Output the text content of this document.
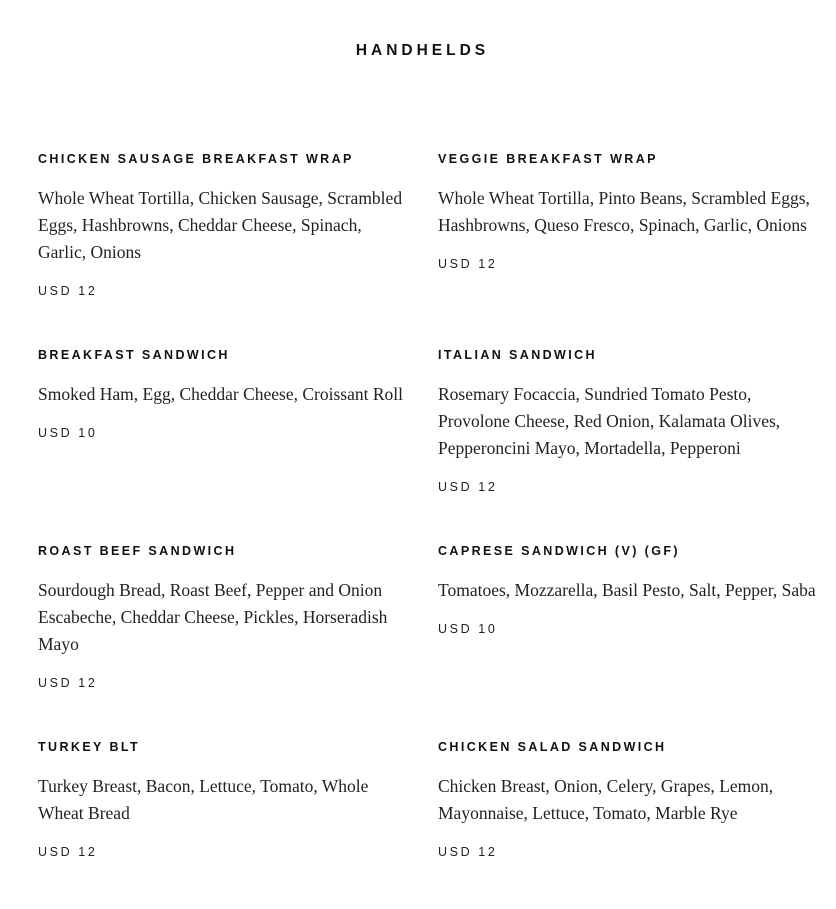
HANDHELDS
CHICKEN SAUSAGE BREAKFAST WRAP

Whole Wheat Tortilla, Chicken Sausage, Scrambled Eggs, Hashbrowns, Cheddar Cheese, Spinach, Garlic, Onions

USD 12

VEGGIE BREAKFAST WRAP

Whole Wheat Tortilla, Pinto Beans, Scrambled Eggs, Hashbrowns, Queso Fresco, Spinach, Garlic, Onions

USD 12

BREAKFAST SANDWICH

Smoked Ham, Egg, Cheddar Cheese, Croissant Roll

USD 10

ITALIAN SANDWICH

Rosemary Focaccia, Sundried Tomato Pesto, Provolone Cheese, Red Onion, Kalamata Olives, Pepperoncini Mayo, Mortadella, Pepperoni

USD 12

ROAST BEEF SANDWICH

Sourdough Bread, Roast Beef, Pepper and Onion Escabeche, Cheddar Cheese, Pickles, Horseradish Mayo

USD 12

CAPRESE SANDWICH (V) (GF)

Tomatoes, Mozzarella, Basil Pesto, Salt, Pepper, Saba

USD 10

TURKEY BLT

Turkey Breast, Bacon, Lettuce, Tomato, Whole Wheat Bread

USD 12

CHICKEN SALAD SANDWICH

Chicken Breast, Onion, Celery, Grapes, Lemon, Mayonnaise, Lettuce, Tomato, Marble Rye

USD 12
